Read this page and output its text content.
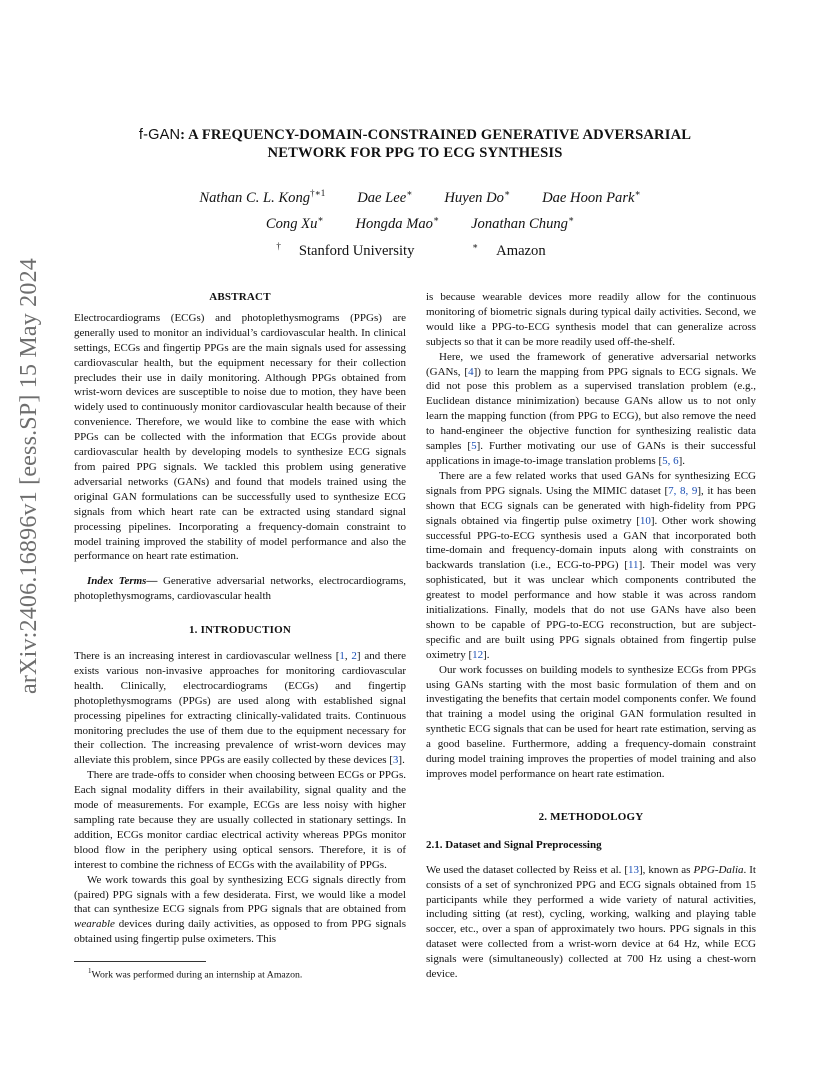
arXiv:2406.16896v1 [eess.SP] 15 May 2024
f-GAN: A FREQUENCY-DOMAIN-CONSTRAINED GENERATIVE ADVERSARIAL
NETWORK FOR PPG TO ECG SYNTHESIS
Nathan C. L. Kong$^{\dagger∗1}$ Dae Lee∗ Huyen Do∗ Dae Hoon Park∗
Cong Xu∗ Hongda Mao∗ Jonathan Chung∗
† Stanford University	∗ Amazon
ABSTRACT

Electrocardiograms (ECGs) and photoplethysmograms (PPGs) are generally used to monitor an individual’s cardiovascular health. In clinical settings, ECGs and fingertip PPGs are the main signals used for assessing cardiovascular health, but the equipment necessary for their collection precludes their use in daily monitoring. Although PPGs obtained from wrist-worn devices are susceptible to noise due to motion, they have been widely used to continuously monitor cardiovascular health because of their convenience. Therefore, we would like to combine the ease with which PPGs can be collected with the information that ECGs provide about cardiovascular health by developing models to synthesize ECG signals from paired PPG signals. We tackled this problem using generative adversarial networks (GANs) and found that models trained using the original GAN formulations can be successfully used to synthesize ECG signals from which heart rate can be extracted using standard signal processing pipelines. Incorporating a frequency-domain constraint to model training improved the stability of model performance and also the performance on heart rate estimation.

Index Terms— Generative adversarial networks, electrocardiograms, photoplethysmograms, cardiovascular health

1. INTRODUCTION

There is an increasing interest in cardiovascular wellness [1, 2] and there exists various non-invasive approaches for monitoring cardiovascular health. Clinically, electrocardiograms (ECGs) and fingertip photoplethysmograms (PPGs) are used along with established signal processing pipelines for extracting clinically-validated traits. Continuous monitoring precludes the use of them due to the equipment necessary for their collection. The increasing prevalence of wrist-worn devices may alleviate this problem, since PPGs are easily collected by these devices [3].

There are trade-offs to consider when choosing between ECGs or PPGs. Each signal modality differs in their availability, signal quality and the mode of measurements. For example, ECGs are less noisy with higher sampling rate because they are usually collected in stationary settings. In addition, ECGs monitor cardiac electrical activity whereas PPGs monitor blood flow in the periphery using optical sensors. Therefore, it is of interest to combine the richness of ECGs with the availability of PPGs.

We work towards this goal by synthesizing ECG signals directly from (paired) PPG signals with a few desiderata. First, we would like a model that can synthesize ECG signals from PPG signals that are obtained from wearable devices during daily activities, as opposed to from PPG signals obtained using fingertip pulse oximeters. This

is because wearable devices more readily allow for the continuous monitoring of biometric signals during typical daily activities. Second, we would like a PPG-to-ECG synthesis model that can generalize across subjects so that it can be more readily used off-the-shelf.

Here, we used the framework of generative adversarial networks (GANs, [4]) to learn the mapping from PPG signals to ECG signals. We did not pose this problem as a supervised translation problem (e.g., Euclidean distance minimization) because GANs allow us to not only learn the mapping function (from PPG to ECG), but also remove the need to hand-engineer the objective function for synthesizing realistic data samples [5]. Further motivating our use of GANs is their successful applications in image-to-image translation problems [5, 6].

There are a few related works that used GANs for synthesizing ECG signals from PPG signals. Using the MIMIC dataset [7, 8, 9], it has been shown that ECG signals can be generated with high-fidelity from PPG signals obtained via fingertip pulse oximetry [10]. Other work showing successful PPG-to-ECG synthesis used a GAN that incorporated both time-domain and frequency-domain inputs along with constraints on backwards translation (i.e., ECG-to-PPG) [11]. Their model was very sophisticated, but it was unclear which components contributed the greatest to model performance and how stable it was across random initializations. Finally, models that do not use GANs have also been shown to be capable of PPG-to-ECG reconstruction, but are subject-specific and are built using PPG signals obtained from fingertip pulse oximetry [12].

Our work focusses on building models to synthesize ECGs from PPGs using GANs starting with the most basic formulation of them and on investigating the benefits that certain model components confer. We found that training a model using the original GAN formulation resulted in synthetic ECG signals that can be used for heart rate estimation, serving as a good baseline. Furthermore, adding a frequency-domain constraint during model training improves the properties of model training and also improves model performance on heart rate estimation.

2. METHODOLOGY
2.1. Dataset and Signal Preprocessing

We used the dataset collected by Reiss et al. [13], known as PPG-Dalia. It consists of a set of synchronized PPG and ECG signals obtained from 15 participants while they performed a wide variety of natural activities, including sitting (at rest), cycling, working, walking and playing table soccer, etc., over a span of approximately two hours. PPG signals in this dataset were collected from a wrist-worn device at 64 Hz, while ECG signals were (simultaneously) collected at 700 Hz using a chest-worn device.

$^1$Work was performed during an internship at Amazon.
